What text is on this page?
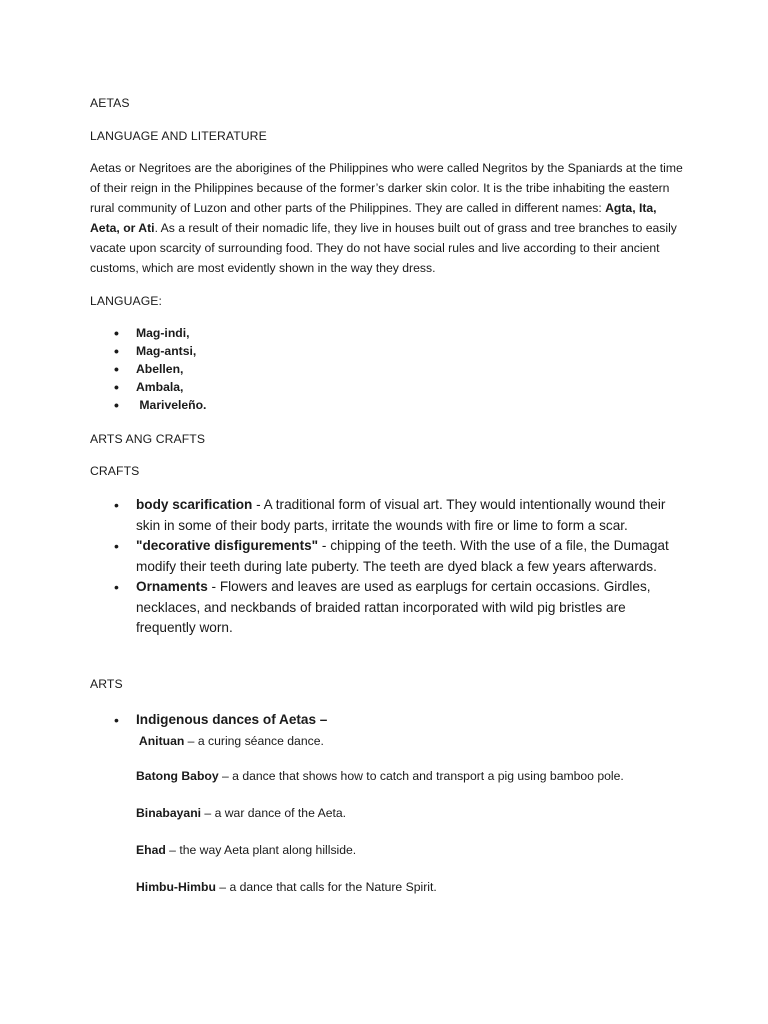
AETAS
LANGUAGE AND LITERATURE
Aetas or Negritoes are the aborigines of the Philippines who were called Negritos by the Spaniards at the time of their reign in the Philippines because of the former’s darker skin color. It is the tribe inhabiting the eastern rural community of Luzon and other parts of the Philippines. They are called in different names: Agta, Ita, Aeta, or Ati. As a result of their nomadic life, they live in houses built out of grass and tree branches to easily vacate upon scarcity of surrounding food. They do not have social rules and live according to their ancient customs, which are most evidently shown in the way they dress.
LANGUAGE:
• Mag-indi,
• Mag-antsi,
• Abellen,
• Ambala,
• Mariveleño.
ARTS ANG CRAFTS
CRAFTS
• body scarification - A traditional form of visual art. They would intentionally wound their skin in some of their body parts, irritate the wounds with fire or lime to form a scar.
• "decorative disfigurements" - chipping of the teeth. With the use of a file, the Dumagat modify their teeth during late puberty. The teeth are dyed black a few years afterwards.
• Ornaments - Flowers and leaves are used as earplugs for certain occasions. Girdles, necklaces, and neckbands of braided rattan incorporated with wild pig bristles are frequently worn.
ARTS
• Indigenous dances of Aetas –
Anituan – a curing séance dance.
Batong Baboy – a dance that shows how to catch and transport a pig using bamboo pole.
Binabayani – a war dance of the Aeta.
Ehad – the way Aeta plant along hillside.
Himbu-Himbu – a dance that calls for the Nature Spirit.
